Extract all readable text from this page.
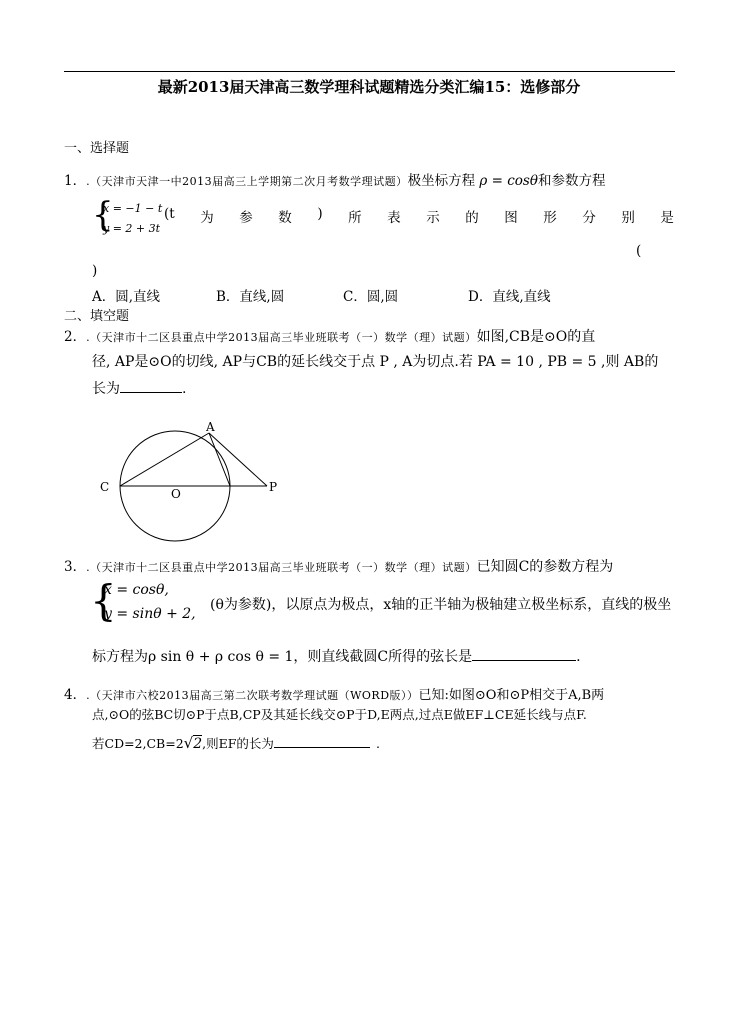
最新2013届天津高三数学理科试题精选分类汇编15：选修部分
一、选择题
1．.（天津市天津一中2013届高三上学期第二次月考数学理试题）极坐标方程 ρ = cosθ和参数方程
{
x = −1 − t
y = 2 + 3t
(t 为 参 数 ) 所 表 示 的 图 形 分 别 是
(
)
A．圆,直线	B．直线,圆	C．圆,圆	D．直线,直线
二、填空题
2．.（天津市十二区县重点中学2013届高三毕业班联考（一）数学（理）试题）如图,CB是⊙O的直
径, AP是⊙O的切线, AP与CB的延长线交于点 P , A为切点.若 PA = 10 , PB = 5 ,则 AB的
长为	.
A
C	O	P
3．.（天津市十二区县重点中学2013届高三毕业班联考（一）数学（理）试题）已知圆C的参数方程为
{
x = cosθ,
y = sinθ + 2,
(θ为参数)，以原点为极点，x轴的正半轴为极轴建立极坐标系，直线的极坐
标方程为ρ sin θ + ρ cos θ = 1，则直线截圆C所得的弦长是	.
4．.（天津市六校2013届高三第二次联考数学理试题（WORD版））已知:如图⊙O和⊙P相交于A,B两
点,⊙O的弦BC切⊙P于点B,CP及其延长线交⊙P于D,E两点,过点E做EF⊥CE延长线与点F.
若CD=2,CB=2√2,则EF的长为	.
